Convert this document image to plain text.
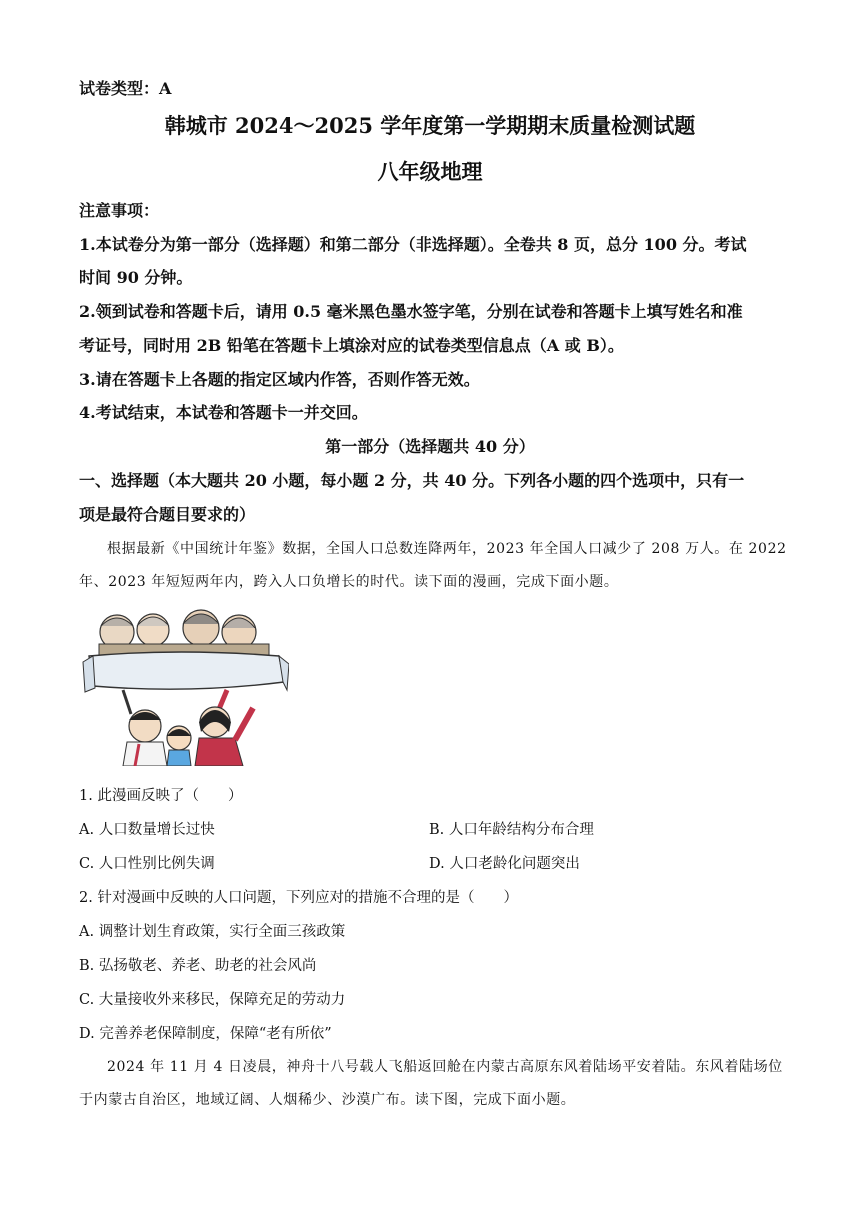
试卷类型：A
韩城市 2024～2025 学年度第一学期期末质量检测试题
八年级地理
注意事项：
1.本试卷分为第一部分（选择题）和第二部分（非选择题）。全卷共 8 页，总分 100 分。考试
时间 90 分钟。
2.领到试卷和答题卡后，请用 0.5 毫米黑色墨水签字笔，分别在试卷和答题卡上填写姓名和准
考证号，同时用 2B 铅笔在答题卡上填涂对应的试卷类型信息点（A 或 B）。
3.请在答题卡上各题的指定区域内作答，否则作答无效。
4.考试结束，本试卷和答题卡一并交回。
第一部分（选择题共 40 分）
一、选择题（本大题共 20 小题，每小题 2 分，共 40 分。下列各小题的四个选项中，只有一
项是最符合题目要求的）
根据最新《中国统计年鉴》数据，全国人口总数连降两年，2023 年全国人口减少了 208 万人。在 2022
年、2023 年短短两年内，跨入人口负增长的时代。读下面的漫画，完成下面小题。
1. 此漫画反映了（　　）
A. 人口数量增长过快	B. 人口年龄结构分布合理
C. 人口性别比例失调	D. 人口老龄化问题突出
2. 针对漫画中反映的人口问题，下列应对的措施不合理的是（　　）
A. 调整计划生育政策，实行全面三孩政策
B. 弘扬敬老、养老、助老的社会风尚
C. 大量接收外来移民，保障充足的劳动力
D. 完善养老保障制度，保障“老有所依”
2024 年 11 月 4 日凌晨，神舟十八号载人飞船返回舱在内蒙古高原东风着陆场平安着陆。东风着陆场位
于内蒙古自治区，地域辽阔、人烟稀少、沙漠广布。读下图，完成下面小题。
